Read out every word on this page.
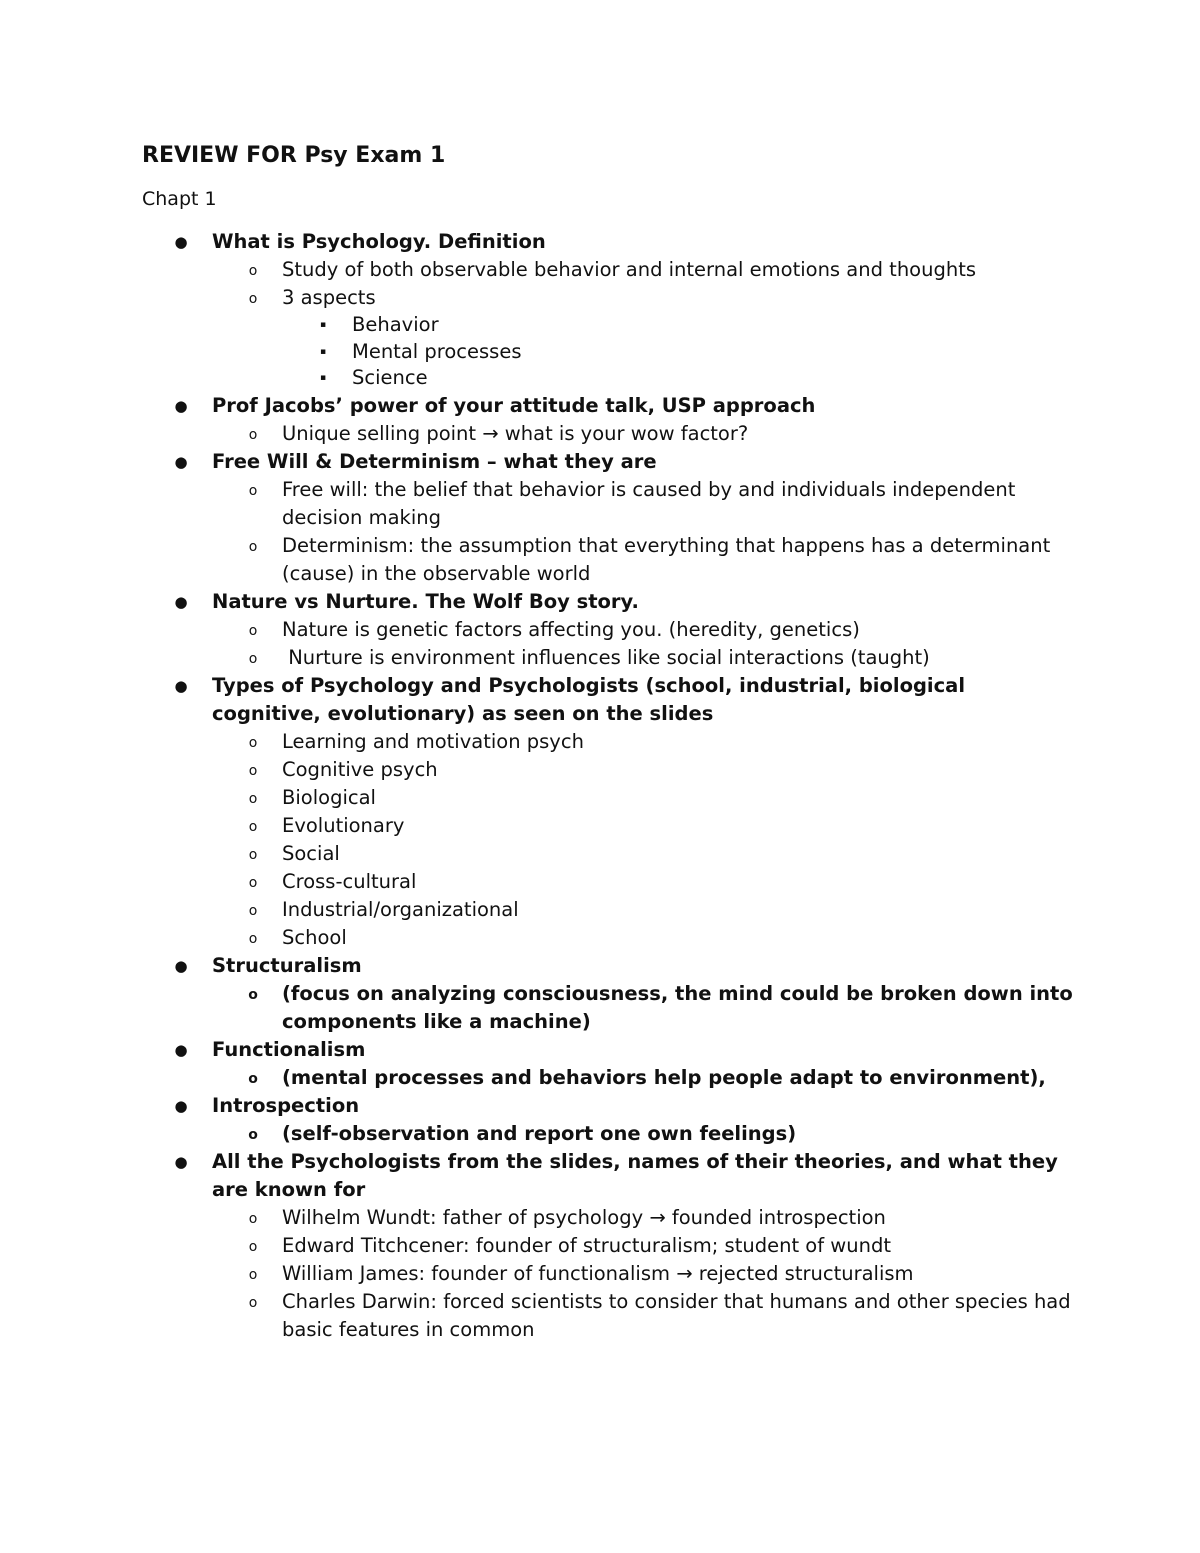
REVIEW FOR Psy Exam 1

Chapt 1

● What is Psychology. Definition
o Study of both observable behavior and internal emotions and thoughts
o 3 aspects
▪ Behavior
▪ Mental processes
▪ Science
● Prof Jacobs’ power of your attitude talk, USP approach
o Unique selling point → what is your wow factor?
● Free Will & Determinism – what they are
o Free will: the belief that behavior is caused by and individuals independent decision making
o Determinism: the assumption that everything that happens has a determinant (cause) in the observable world
● Nature vs Nurture. The Wolf Boy story.
o Nature is genetic factors affecting you. (heredity, genetics)
o Nurture is environment influences like social interactions (taught)
● Types of Psychology and Psychologists (school, industrial, biological cognitive, evolutionary) as seen on the slides
o Learning and motivation psych
o Cognitive psych
o Biological
o Evolutionary
o Social
o Cross-cultural
o Industrial/organizational
o School
● Structuralism
o (focus on analyzing consciousness, the mind could be broken down into components like a machine)
● Functionalism
o (mental processes and behaviors help people adapt to environment),
● Introspection
o (self-observation and report one own feelings)
● All the Psychologists from the slides, names of their theories, and what they are known for
o Wilhelm Wundt: father of psychology → founded introspection
o Edward Titchcener: founder of structuralism; student of wundt
o William James: founder of functionalism → rejected structuralism
o Charles Darwin: forced scientists to consider that humans and other species had basic features in common
